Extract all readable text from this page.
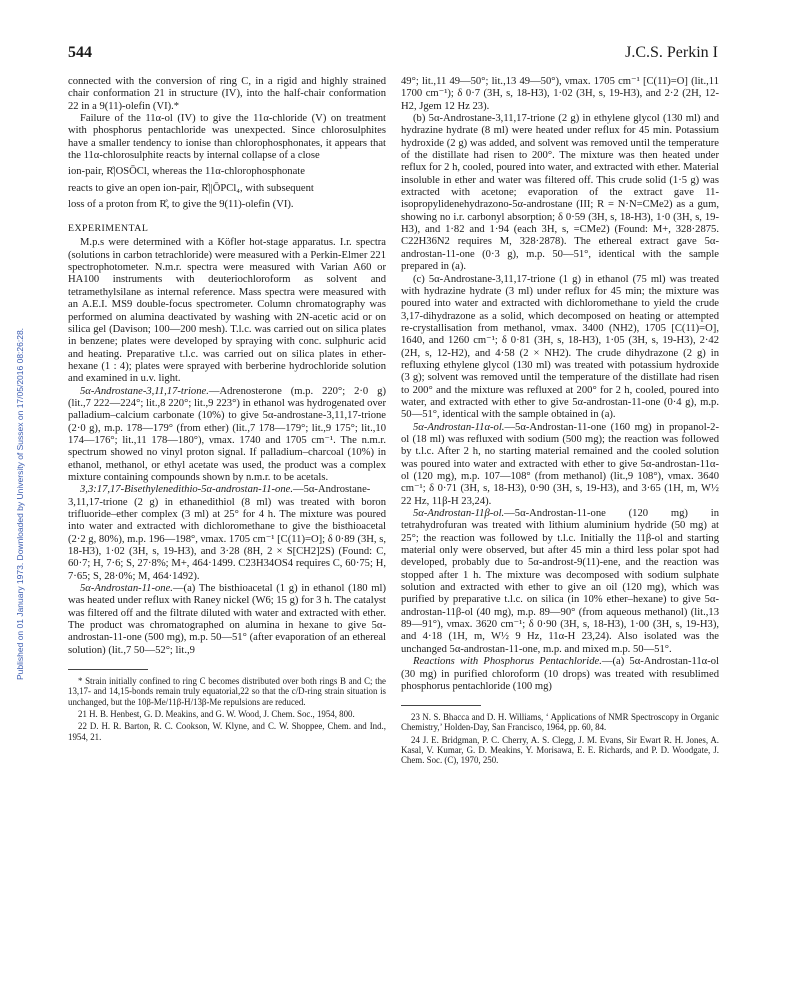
544	J.C.S. Perkin I
Published on 01 January 1973. Downloaded by University of Sussex on 17/05/2016 08:26:28.

connected with the conversion of ring C, in a rigid and highly strained chair conformation 21 in structure (IV), into the half-chair conformation 22 in a 9(11)-olefin (VI).*

Failure of the 11α-ol (IV) to give the 11α-chloride (V) on treatment with phosphorus pentachloride was unexpected. Since chlorosulphites have a smaller tendency to ionise than chlorophosphonates, it appears that the 11α-chlorosulphite reacts by internal collapse of a close

ion-pair, R̊|OSŌCl, whereas the 11α-chlorophosphonate

reacts to give an open ion-pair, R̊||ŌPCl₄, with subsequent

loss of a proton from R̊, to give the 9(11)-olefin (VI).

EXPERIMENTAL

M.p.s were determined with a Köfler hot-stage apparatus. I.r. spectra (solutions in carbon tetrachloride) were measured with a Perkin-Elmer 221 spectrophotometer. N.m.r. spectra were measured with Varian A60 or HA100 instruments with deuteriochloroform as solvent and tetramethylsilane as internal reference. Mass spectra were measured with an A.E.I. MS9 double-focus spectrometer. Column chromatography was performed on alumina deactivated by washing with 2N-acetic acid or on silica gel (Davison; 100—200 mesh). T.l.c. was carried out on silica plates in benzene; plates were developed by spraying with conc. sulphuric acid and heating. Preparative t.l.c. was carried out on silica plates in ether-hexane (1 : 4); plates were sprayed with berberine hydrochloride solution and examined in u.v. light.

5α-Androstane-3,11,17-trione.—Adrenosterone (m.p. 220°; 2·0 g) (lit.,7 222—224°; lit.,8 220°; lit.,9 223°) in ethanol was hydrogenated over palladium–calcium carbonate (10%) to give 5α-androstane-3,11,17-trione (2·0 g), m.p. 178—179° (from ether) (lit.,7 178—179°; lit.,9 175°; lit.,10 174—176°; lit.,11 178—180°), νmax. 1740 and 1705 cm⁻¹. The n.m.r. spectrum showed no vinyl proton signal. If palladium–charcoal (10%) in ethanol, methanol, or ethyl acetate was used, the product was a complex mixture containing compounds shown by n.m.r. to be acetals.

3,3:17,17-Bisethylenedithio-5α-androstan-11-one.—5α-Androstane-3,11,17-trione (2 g) in ethanedithiol (8 ml) was treated with boron trifluoride–ether complex (3 ml) at 25° for 4 h. The mixture was poured into water and extracted with dichloromethane to give the bisthioacetal (2·2 g, 80%), m.p. 196—198°, νmax. 1705 cm⁻¹ [C(11)=O]; δ 0·89 (3H, s, 18-H3), 1·02 (3H, s, 19-H3), and 3·28 (8H, 2 × S[CH2]2S) (Found: C, 60·7; H, 7·6; S, 27·8%; M+, 464·1499. C23H34OS4 requires C, 60·75; H, 7·65; S, 28·0%; M, 464·1492).

5α-Androstan-11-one.—(a) The bisthioacetal (1 g) in ethanol (180 ml) was heated under reflux with Raney nickel (W6; 15 g) for 3 h. The catalyst was filtered off and the filtrate diluted with water and extracted with ether. The product was chromatographed on alumina in hexane to give 5α-androstan-11-one (500 mg), m.p. 50—51° (after evaporation of an ethereal solution) (lit.,7 50—52°; lit.,9

* Strain initially confined to ring C becomes distributed over both rings B and C; the 13,17- and 14,15-bonds remain truly equatorial,22 so that the c/D-ring strain situation is unchanged, but the 10β-Me/11β-H/13β-Me repulsions are reduced.

21 H. B. Henbest, G. D. Meakins, and G. W. Wood, J. Chem. Soc., 1954, 800.

22 D. H. R. Barton, R. C. Cookson, W. Klyne, and C. W. Shoppee, Chem. and Ind., 1954, 21.

49°; lit.,11 49—50°; lit.,13 49—50°), νmax. 1705 cm⁻¹ [C(11)=O] (lit.,11 1700 cm⁻¹); δ 0·7 (3H, s, 18-H3), 1·02 (3H, s, 19-H3), and 2·2 (2H, 12-H2, Jgem 12 Hz 23).

(b) 5α-Androstane-3,11,17-trione (2 g) in ethylene glycol (130 ml) and hydrazine hydrate (8 ml) were heated under reflux for 45 min. Potassium hydroxide (2 g) was added, and solvent was removed until the temperature of the distillate had risen to 200°. The mixture was then heated under reflux for 2 h, cooled, poured into water, and extracted with ether. Material insoluble in ether and water was filtered off. This crude solid (1·5 g) was extracted with acetone; evaporation of the extract gave 11-isopropylidenehydrazono-5α-androstane (III; R = N·N=CMe2) as a gum, showing no i.r. carbonyl absorption; δ 0·59 (3H, s, 18-H3), 1·0 (3H, s, 19-H3), and 1·82 and 1·94 (each 3H, s, =CMe2) (Found: M+, 328·2875. C22H36N2 requires M, 328·2878). The ethereal extract gave 5α-androstan-11-one (0·3 g), m.p. 50—51°, identical with the sample prepared in (a).

(c) 5α-Androstane-3,11,17-trione (1 g) in ethanol (75 ml) was treated with hydrazine hydrate (3 ml) under reflux for 45 min; the mixture was poured into water and extracted with dichloromethane to yield the crude 3,17-dihydrazone as a solid, which decomposed on heating or attempted re-crystallisation from methanol, νmax. 3400 (NH2), 1705 [C(11)=O], 1640, and 1260 cm⁻¹; δ 0·81 (3H, s, 18-H3), 1·05 (3H, s, 19-H3), 2·42 (2H, s, 12-H2), and 4·58 (2 × NH2). The crude dihydrazone (2 g) in refluxing ethylene glycol (130 ml) was treated with potassium hydroxide (3 g); solvent was removed until the temperature of the distillate had risen to 200° and the mixture was refluxed at 200° for 2 h, cooled, poured into water, and extracted with ether to give 5α-androstan-11-one (0·4 g), m.p. 50—51°, identical with the sample obtained in (a).

5α-Androstan-11α-ol.—5α-Androstan-11-one (160 mg) in propanol-2-ol (18 ml) was refluxed with sodium (500 mg); the reaction was followed by t.l.c. After 2 h, no starting material remained and the cooled solution was poured into water and extracted with ether to give 5α-androstan-11α-ol (120 mg), m.p. 107—108° (from methanol) (lit.,9 108°), νmax. 3640 cm⁻¹; δ 0·71 (3H, s, 18-H3), 0·90 (3H, s, 19-H3), and 3·65 (1H, m, W½ 22 Hz, 11β-H 23,24).

5α-Androstan-11β-ol.—5α-Androstan-11-one (120 mg) in tetrahydrofuran was treated with lithium aluminium hydride (50 mg) at 25°; the reaction was followed by t.l.c. Initially the 11β-ol and starting material only were observed, but after 45 min a third less polar spot had developed, probably due to 5α-androst-9(11)-ene, and the reaction was stopped after 1 h. The mixture was decomposed with sodium sulphate solution and extracted with ether to give an oil (120 mg), which was purified by preparative t.l.c. on silica (in 10% ether–hexane) to give 5α-androstan-11β-ol (40 mg), m.p. 89—90° (from aqueous methanol) (lit.,13 89—91°), νmax. 3620 cm⁻¹; δ 0·90 (3H, s, 18-H3), 1·00 (3H, s, 19-H3), and 4·18 (1H, m, W½ 9 Hz, 11α-H 23,24). Also isolated was the unchanged 5α-androstan-11-one, m.p. and mixed m.p. 50—51°.

Reactions with Phosphorus Pentachloride.—(a) 5α-Androstan-11α-ol (30 mg) in purified chloroform (10 drops) was treated with resublimed phosphorus pentachloride (100 mg)

23 N. S. Bhacca and D. H. Williams, ‘ Applications of NMR Spectroscopy in Organic Chemistry,’ Holden-Day, San Francisco, 1964, pp. 60, 84.

24 J. E. Bridgman, P. C. Cherry, A. S. Clegg, J. M. Evans, Sir Ewart R. H. Jones, A. Kasal, V. Kumar, G. D. Meakins, Y. Morisawa, E. E. Richards, and P. D. Woodgate, J. Chem. Soc. (C), 1970, 250.
